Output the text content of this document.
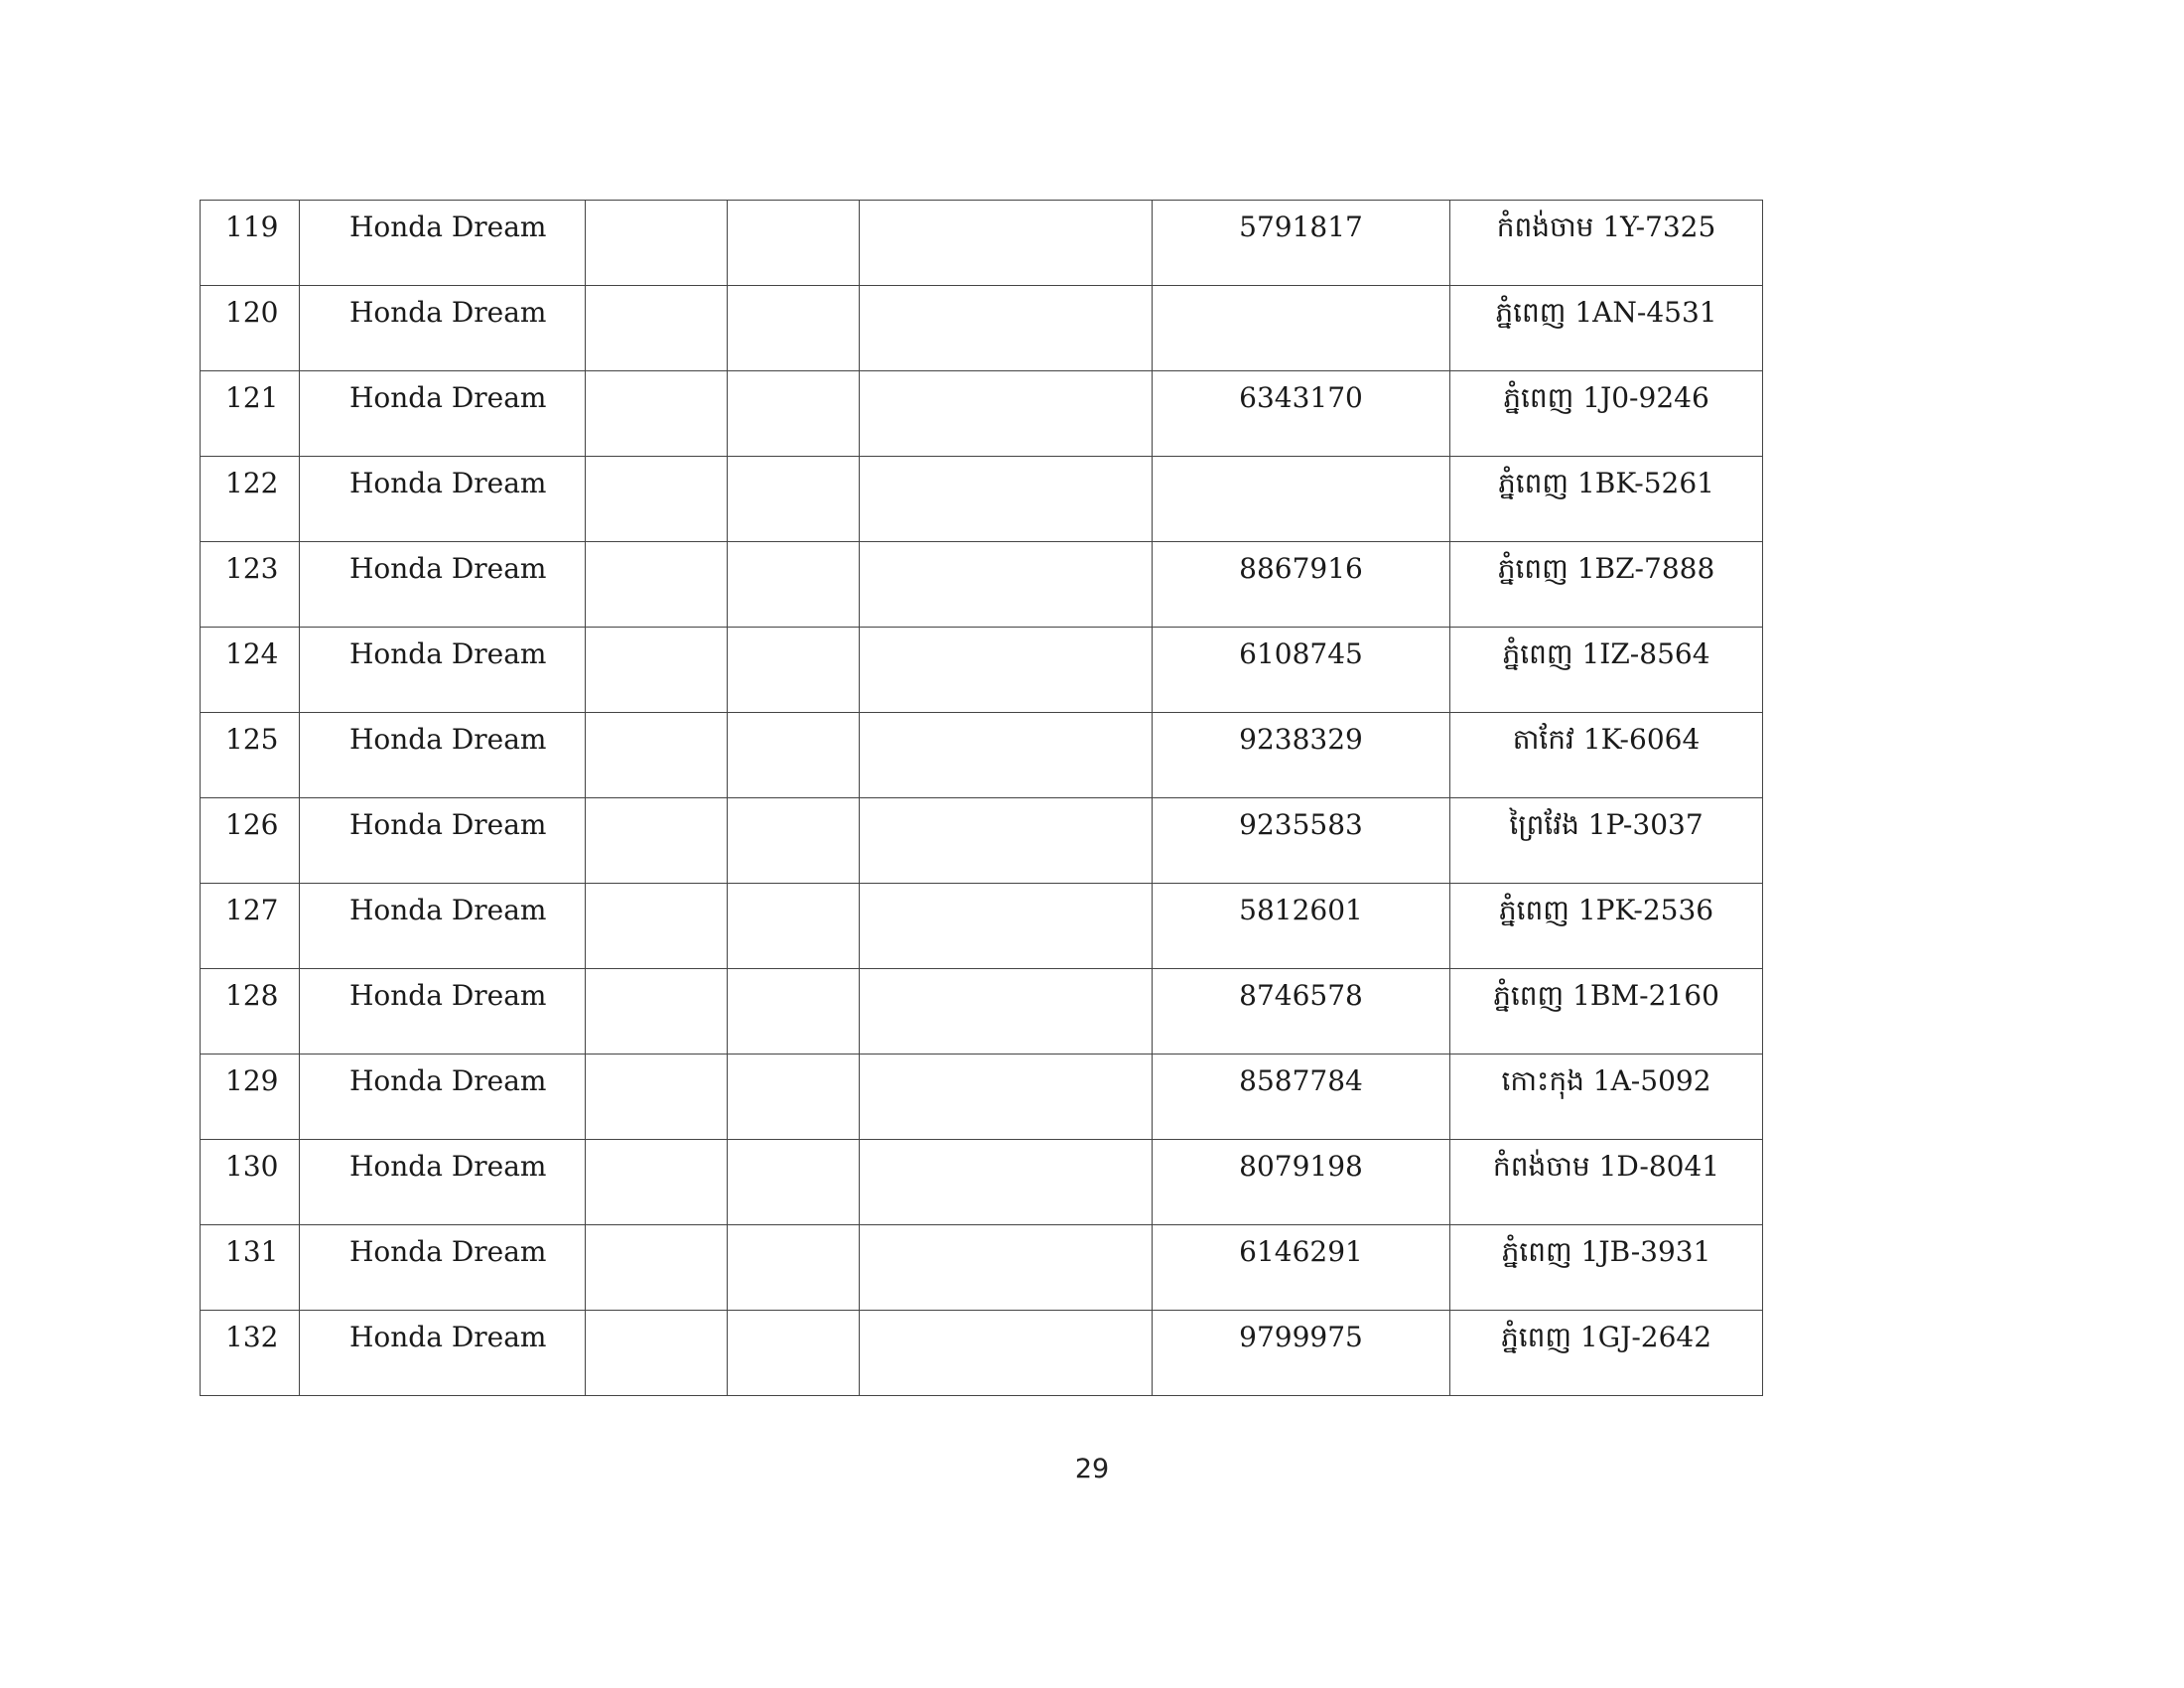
119	Honda Dream				5791817	កំពង់ចាម 1Y-7325

120	Honda Dream					ភ្នំពេញ 1AN-4531

121	Honda Dream				6343170	ភ្នំពេញ 1J0-9246

122	Honda Dream					ភ្នំពេញ 1BK-5261

123	Honda Dream				8867916	ភ្នំពេញ 1BZ-7888

124	Honda Dream				6108745	ភ្នំពេញ 1IZ-8564

125	Honda Dream				9238329	តាកែវ 1K-6064

126	Honda Dream				9235583	ព្រៃវែង 1P-3037

127	Honda Dream				5812601	ភ្នំពេញ 1PK-2536

128	Honda Dream				8746578	ភ្នំពេញ 1BM-2160

129	Honda Dream				8587784	កោះកុង 1A-5092

130	Honda Dream				8079198	កំពង់ចាម 1D-8041

131	Honda Dream				6146291	ភ្នំពេញ 1JB-3931

132	Honda Dream				9799975	ភ្នំពេញ 1GJ-2642
29
